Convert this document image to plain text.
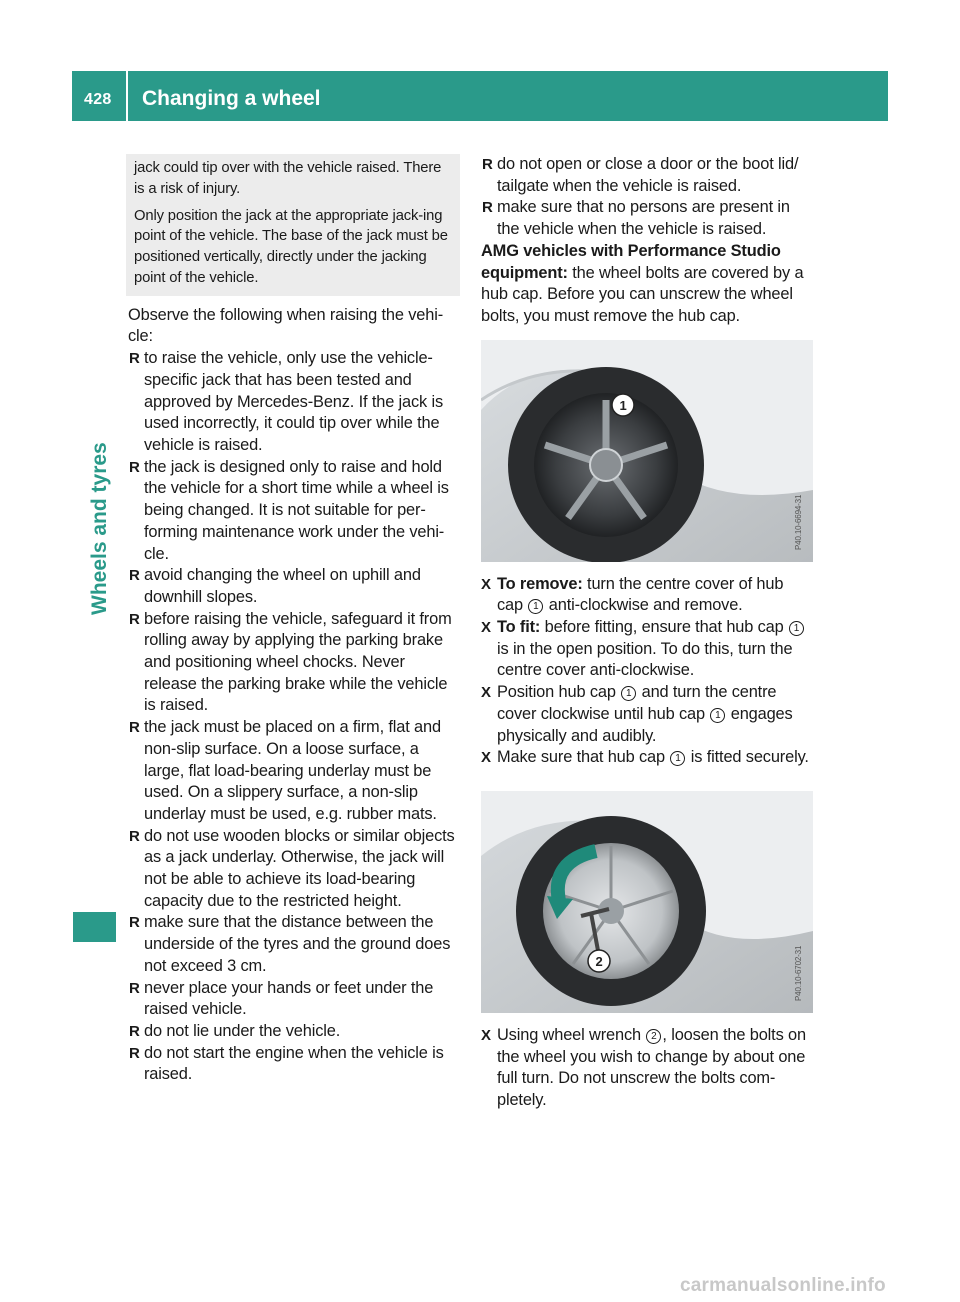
428 Changing a wheel
Wheels and tyres

jack could tip over with the vehicle raised. There is a risk of injury.

Only position the jack at the appropriate jack-ing point of the vehicle. The base of the jack must be positioned vertically, directly under the jacking point of the vehicle.

Observe the following when raising the vehi-cle:

R to raise the vehicle, only use the vehicle-specific jack that has been tested and approved by Mercedes-Benz. If the jack is used incorrectly, it could tip over while the vehicle is raised.
R the jack is designed only to raise and hold the vehicle for a short time while a wheel is being changed. It is not suitable for per-forming maintenance work under the vehi-cle.
R avoid changing the wheel on uphill and downhill slopes.
R before raising the vehicle, safeguard it from rolling away by applying the parking brake and positioning wheel chocks. Never release the parking brake while the vehicle is raised.
R the jack must be placed on a firm, flat and non-slip surface. On a loose surface, a large, flat load-bearing underlay must be used. On a slippery surface, a non-slip underlay must be used, e.g. rubber mats.
R do not use wooden blocks or similar objects as a jack underlay. Otherwise, the jack will not be able to achieve its load-bearing capacity due to the restricted height.
R make sure that the distance between the underside of the tyres and the ground does not exceed 3 cm.
R never place your hands or feet under the raised vehicle.
R do not lie under the vehicle.
R do not start the engine when the vehicle is raised.
R do not open or close a door or the boot lid/ tailgate when the vehicle is raised.
R make sure that no persons are present in the vehicle when the vehicle is raised.

AMG vehicles with Performance Studio equipment: the wheel bolts are covered by a hub cap. Before you can unscrew the wheel bolts, you must remove the hub cap.

P40.10-6694-31
1
X To remove: turn the centre cover of hub cap 1 anti-clockwise and remove.
X To fit: before fitting, ensure that hub cap 1 is in the open position. To do this, turn the centre cover anti-clockwise.
X Position hub cap 1 and turn the centre cover clockwise until hub cap 1 engages physically and audibly.
X Make sure that hub cap 1 is fitted securely.
P40.10-6702-31
2
X Using wheel wrench 2 , loosen the bolts on the wheel you wish to change by about one full turn. Do not unscrew the bolts com-pletely.
carmanualsonline.info
